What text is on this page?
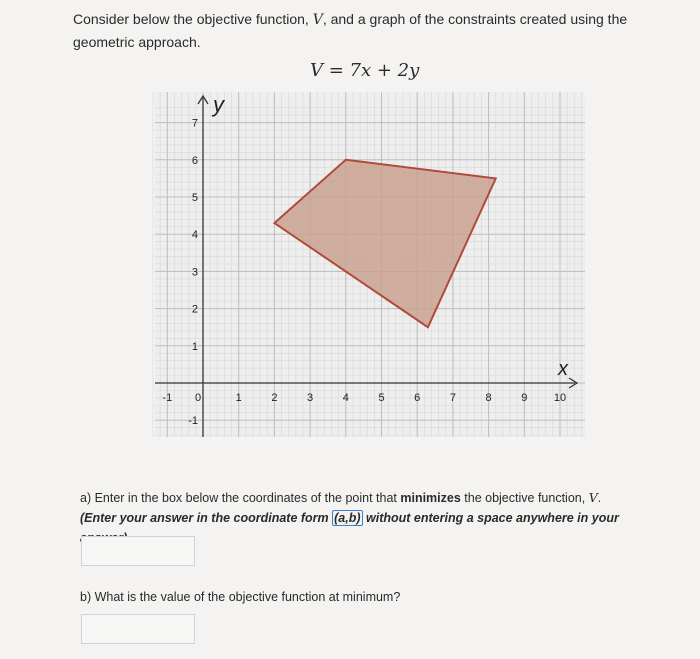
Consider below the objective function, V, and a graph of the constraints created using the geometric approach.
V = 7x + 2y
-1 0	1	2	3	4	5	6	7	8	9 10
7
6
5
4
3
2
1
-1
x
y
a) Enter in the box below the coordinates of the point that minimizes the objective function, V.
(Enter your answer in the coordinate form (a,b) without entering a space anywhere in your
b) What is the value of the objective function at minimum?
